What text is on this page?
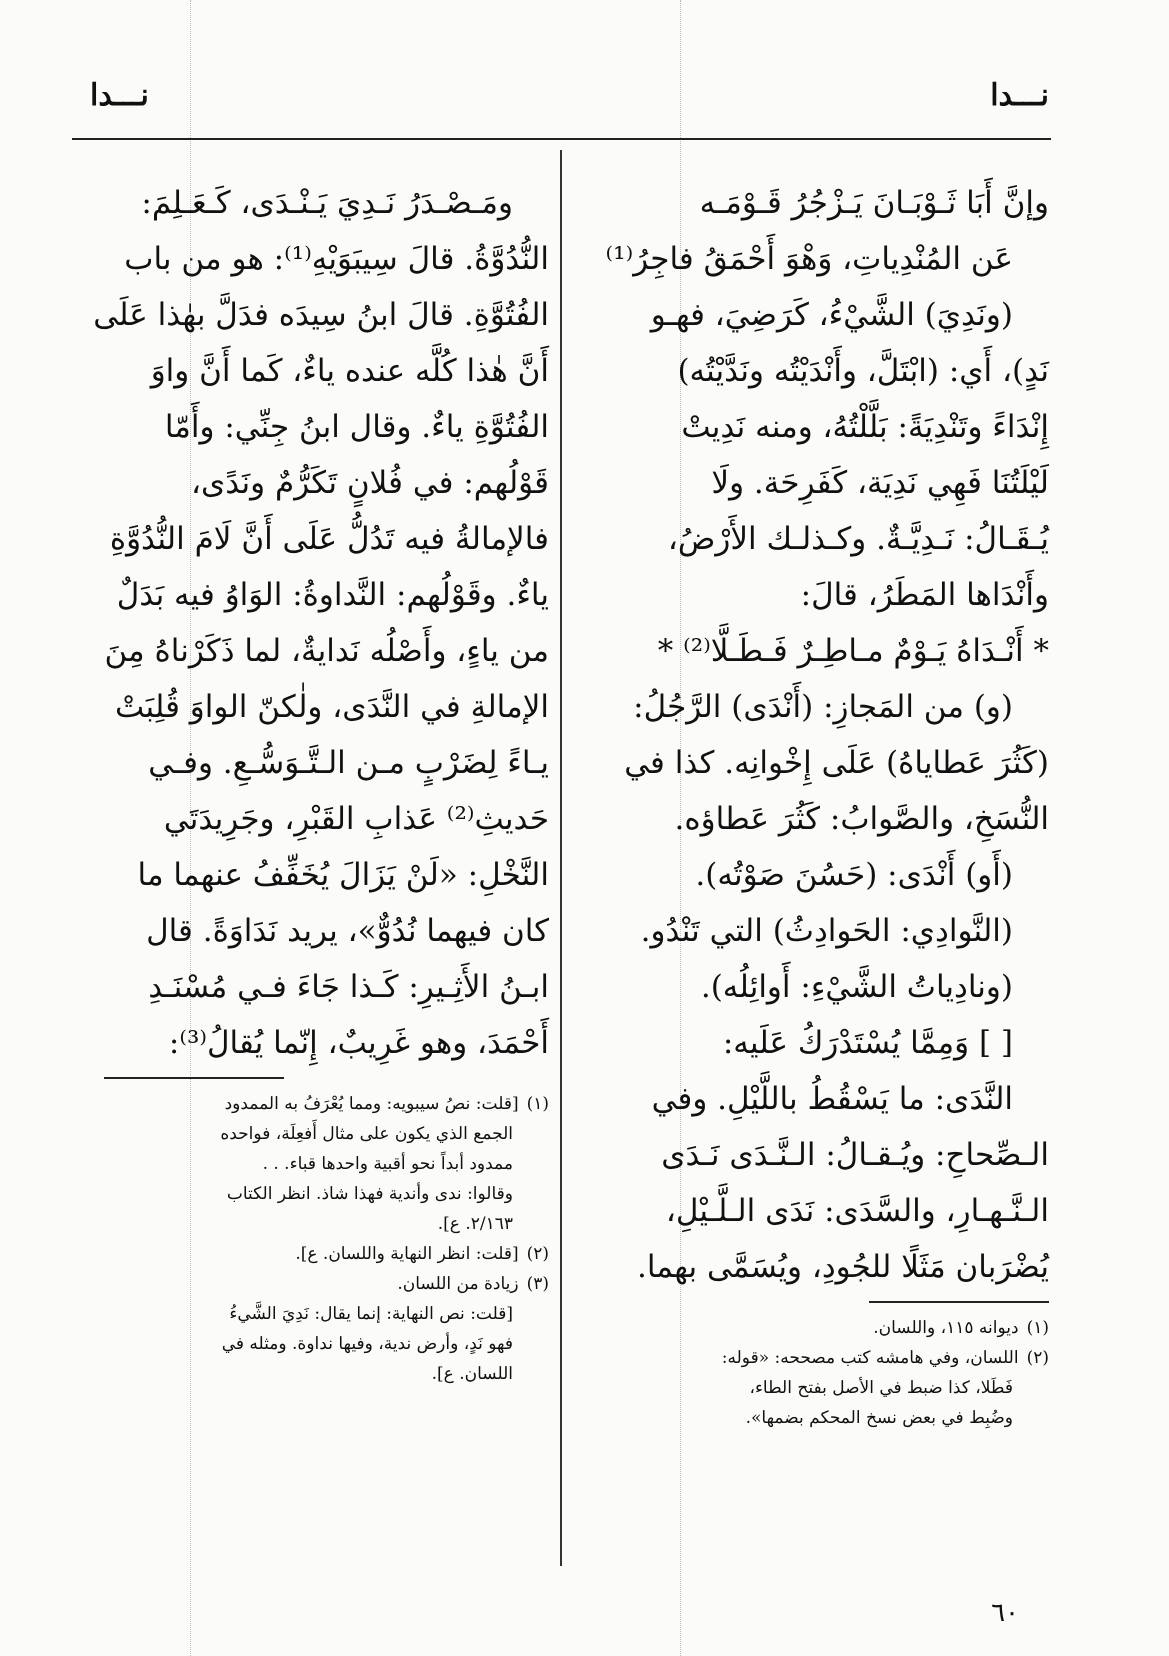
نـــدا
نـــدا

وإنَّ أَبَا ثَـوْبَـانَ يَـزْجُرُ قَـوْمَـه

عَن المُنْدِياتِ، وَهْوَ أَحْمَقُ فاجِرُ⁽¹⁾

(ونَدِيَ) الشَّيْءُ، كَرَضِيَ، فهـو

نَدٍ)، أَي: (ابْتَلَّ، وأَنْدَيْتُه ونَدَّيْتُه)

إِنْدَاءً وتَنْدِيَةً: بَلَّلْتُهُ، ومنه نَدِيتْ

لَيْلَتُنَا فَهِي نَدِيَة، كَفَرِحَة. ولَا

يُـقَـالُ: نَـدِيَّـةٌ. وكـذلـك الأَرْضُ،

وأَنْدَاها المَطَرُ، قالَ:

* أَنْـدَاهُ يَـوْمٌ مـاطِـرٌ فَـطَـلَّا⁽²⁾ *

(و) من المَجازِ: (أَنْدَى) الرَّجُلُ:

(كَثُرَ عَطاياهُ) عَلَى إِخْوانِه. كذا في

النُّسَخِ، والصَّوابُ: كَثُرَ عَطاؤه.

(أَو) أَنْدَى: (حَسُنَ صَوْتُه).

(النَّوادِي: الحَوادِثُ) التي تَنْدُو.

(ونادِياتُ الشَّيْءِ: أَوائِلُه).

[ ] وَمِمَّا يُسْتَدْرَكُ عَلَيه:

النَّدَى: ما يَسْقُطُ باللَّيْلِ. وفي

الـصِّحاحِ: ويُـقـالُ: الـنَّـدَى نَـدَى

الـنَّـهـارِ، والسَّدَى: نَدَى الـلَّـيْلِ،

يُضْرَبان مَثَلًا للجُودِ، ويُسَمَّى بهما.

(١)ديوانه ١١٥، واللسان.

(٢)اللسان، وفي هامشه كتب مصححه: «قوله:

فَطَلا، كذا ضبط في الأصل بفتح الطاء،

وضُبِط في بعض نسخ المحكم بضمها».

ومَـصْـدَرُ نَـدِيَ يَـنْـدَى، كَـعَـلِمَ:

النُّدُوَّةُ. قالَ سِيبَوَيْهِ⁽¹⁾: هو من باب

الفُتُوَّةِ. قالَ ابنُ سِيدَه فدَلَّ بهٰذا عَلَى

أَنَّ هٰذا كُلَّه عنده ياءٌ، كَما أَنَّ واوَ

الفُتُوَّةِ ياءٌ. وقال ابنُ جِنِّي: وأَمّا

قَوْلُهم: في فُلانٍ تَكَرُّمٌ ونَدًى،

فالإمالةُ فيه تَدُلُّ عَلَى أَنَّ لَامَ النُّدُوَّةِ

ياءٌ. وقَوْلُهم: النَّداوةُ: الوَاوُ فيه بَدَلٌ

من ياءٍ، وأَصْلُه نَدايةٌ، لما ذَكَرْناهُ مِنَ

الإمالةِ في النَّدَى، ولٰكنّ الواوَ قُلِبَتْ

يـاءً لِضَرْبٍ مـن الـتَّـوَسُّـعِ. وفـي

حَديثِ⁽²⁾ عَذابِ القَبْرِ، وجَرِيدَتَي

النَّخْلِ: «لَنْ يَزَالَ يُخَفِّفُ عنهما ما

كان فيهما نُدُوٌّ»، يريد نَدَاوَةً. قال

ابـنُ الأَثِـيرِ: كَـذا جَاءَ فـي مُسْنَـدِ

أَحْمَدَ، وهو غَرِيبٌ، إِنّما يُقالُ⁽³⁾:

(١)[قلت: نصُ سيبويه: ومما يُعْرَفُ به الممدود

الجمع الذي يكون على مثال أَفعِلَة، فواحده

ممدود أبداً نحو أقبية واحدها قباء. . .

وقالوا: ندى وأندية فهذا شاذ. انظر الكتاب

٢/١٦٣. ع].

(٢)[قلت: انظر النهاية واللسان. ع].

(٣)زيادة من اللسان.

[قلت: نص النهاية: إنما يقال: نَدِيَ الشَّيءُ

فهو نَدٍ، وأرض ندية، وفيها نداوة. ومثله في

اللسان. ع].

٦٠
